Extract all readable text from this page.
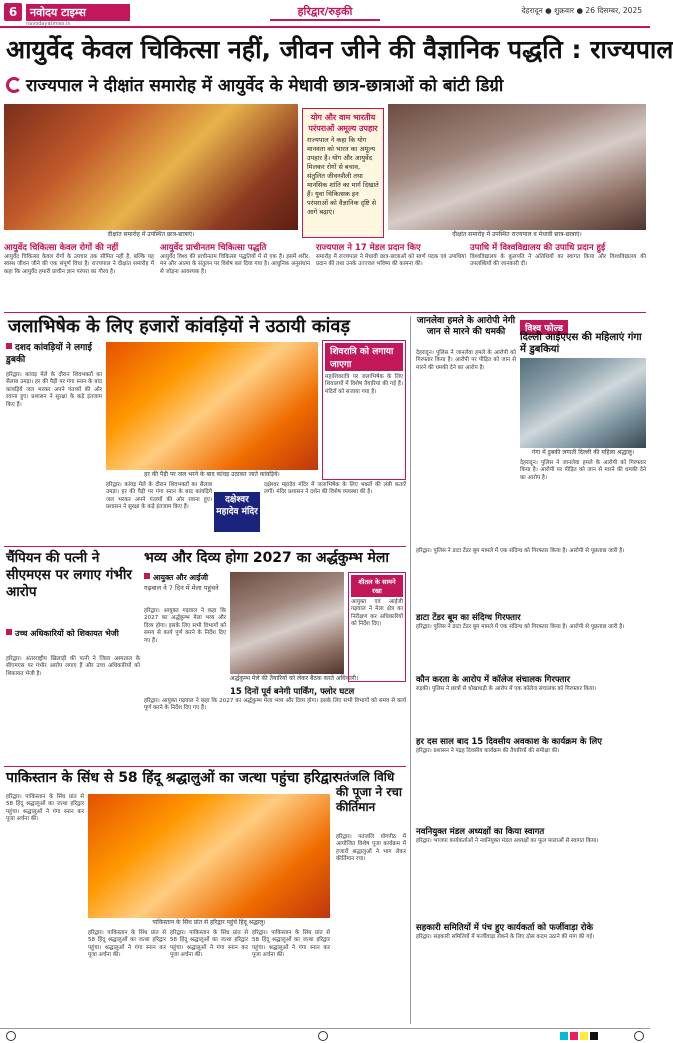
6	नवोदय टाइम्स
navodayatimes.in
हरिद्वार/रुड़की	देहरादून ● शुक्रवार ● 26 दिसम्बर, 2025
आयुर्वेद केवल चिकित्सा नहीं, जीवन जीने की वैज्ञानिक पद्धति : राज्यपाल
राज्यपाल ने दीक्षांत समारोह में आयुर्वेद के मेधावी छात्र-छात्राओं को बांटी डिग्री
दीक्षांत समारोह में उपस्थित छात्र-छात्राएं।
योग और वाम भारतीय परंपराओं अमूल्य उपहार

राज्यपाल ने कहा कि योग मानवता को भारत का अमूल्य उपहार है। योग और आयुर्वेद मिलकर रोगों से बचाव, संतुलित जीवनशैली तथा मानसिक शांति का मार्ग दिखाते हैं। युवा चिकित्सक इन परंपराओं को वैज्ञानिक दृष्टि से आगे बढ़ाएं।

दीक्षांत समारोह में उपस्थित राज्यपाल व मेधावी छात्र-छात्राएं।
आयुर्वेद चिकित्सा केवल रोगों की नहीं	आयुर्वेद प्राचीनतम चिकित्सा पद्धति	राज्यपाल ने 17 मेडल प्रदान किए	उपाधि में विश्वविद्यालय की उपाधि प्रदान हुई
आयुर्वेद चिकित्सा केवल रोगों के उपचार तक सीमित नहीं है, बल्कि यह स्वस्थ जीवन जीने की एक संपूर्ण विधा है। राज्यपाल ने दीक्षांत समारोह में कहा कि आयुर्वेद हमारी प्राचीन ज्ञान परंपरा का गौरव है।
आयुर्वेद विश्व की प्राचीनतम चिकित्सा पद्धतियों में से एक है। इसमें शरीर, मन और आत्मा के संतुलन पर विशेष बल दिया गया है। आधुनिक अनुसंधान से जोड़ना आवश्यक है।
समारोह में राज्यपाल ने मेधावी छात्र-छात्राओं को स्वर्ण पदक एवं उपाधियां प्रदान कीं तथा उनके उज्ज्वल भविष्य की कामना की।
विश्वविद्यालय के कुलपति ने अतिथियों का स्वागत किया और विश्वविद्यालय की उपलब्धियों की जानकारी दी।
जलाभिषेक के लिए हजारों कांवड़ियों ने उठायी कांवड़
दशद कांवड़ियों ने लगाई डुबकी
हरिद्वार। कांवड़ मेले के दौरान शिवभक्तों का सैलाब उमड़ा। हर की पैड़ी पर गंगा स्नान के बाद कांवड़िये जल भरकर अपने गंतव्यों की ओर रवाना हुए। प्रशासन ने सुरक्षा के कड़े इंतजाम किए हैं।
हर की पैड़ी पर जल भरने के बाद कांवड़ उठाकर जाते कांवड़िये।
शिवरात्रि को लगाया जाएगा
महाशिवरात्रि पर जलाभिषेक के लिए शिवालयों में विशेष तैयारियां की गई हैं। मंदिरों को सजाया गया है।
हरिद्वार। कांवड़ मेले के दौरान शिवभक्तों का सैलाब उमड़ा। हर की पैड़ी पर गंगा स्नान के बाद कांवड़िये जल भरकर अपने गंतव्यों की ओर रवाना हुए। प्रशासन ने सुरक्षा के कड़े इंतजाम किए हैं।
दक्षेश्वर महादेव मंदिर
दक्षेश्वर महादेव मंदिर में जलाभिषेक के लिए भक्तों की लंबी कतारें लगीं। मंदिर प्रशासन ने दर्शन की विशेष व्यवस्था की है।
जानलेवा हमले के आरोपी नेगी जान से मारने की धमकी
देहरादून। पुलिस ने जानलेवा हमले के आरोपी को गिरफ्तार किया है। आरोपी पर पीड़ित को जान से मारने की धमकी देने का आरोप है।
विश्व फोल्ड
दिल्ली आईएएस की महिलाएं गंगा में डुबकियां
गंगा में डुबकी लगाती दिल्ली की महिला श्रद्धालु।
देहरादून। पुलिस ने जानलेवा हमले के आरोपी को गिरफ्तार किया है। आरोपी पर पीड़ित को जान से मारने की धमकी देने का आरोप है।
चैंपियन की पत्नी ने सीएमएस पर लगाए गंभीर आरोप
उच्च अधिकारियों को शिकायत भेजी
हरिद्वार। अंतरराष्ट्रीय खिलाड़ी की पत्नी ने जिला अस्पताल के सीएमएस पर गंभीर आरोप लगाए हैं और उच्च अधिकारियों को शिकायत भेजी है।
भव्य और दिव्य होगा 2027 का अर्द्धकुम्भ मेला
आयुक्त और आईजी
गढ़वाल ने 7 दिन में मेला पहुंचने
हरिद्वार। आयुक्त गढ़वाल ने कहा कि 2027 का अर्द्धकुम्भ मेला भव्य और दिव्य होगा। इसके लिए सभी विभागों को समय से कार्य पूर्ण करने के निर्देश दिए गए हैं।
अर्द्धकुम्भ मेले की तैयारियों को लेकर बैठक करते अधिकारी।
शीतल के सामने रखा
आयुक्त एवं आईजी गढ़वाल ने मेला क्षेत्र का निरीक्षण कर अधिकारियों को निर्देश दिए।
15 दिनों पूर्व बनेगी पार्किंग, फ्लोर घटल
हरिद्वार। आयुक्त गढ़वाल ने कहा कि 2027 का अर्द्धकुम्भ मेला भव्य और दिव्य होगा। इसके लिए सभी विभागों को समय से कार्य पूर्ण करने के निर्देश दिए गए हैं।
पाकिस्तान के सिंध से 58 हिंदू श्रद्धालुओं का जत्था पहुंचा हरिद्वार
हरिद्वार। पाकिस्तान के सिंध प्रांत से 58 हिंदू श्रद्धालुओं का जत्था हरिद्वार पहुंचा। श्रद्धालुओं ने गंगा स्नान कर पूजा अर्चना की।
पाकिस्तान के सिंध प्रांत से हरिद्वार पहुंचे हिंदू श्रद्धालु।
हरिद्वार। पाकिस्तान के सिंध प्रांत से 58 हिंदू श्रद्धालुओं का जत्था हरिद्वार पहुंचा। श्रद्धालुओं ने गंगा स्नान कर पूजा अर्चना की।
हरिद्वार। पाकिस्तान के सिंध प्रांत से 58 हिंदू श्रद्धालुओं का जत्था हरिद्वार पहुंचा। श्रद्धालुओं ने गंगा स्नान कर पूजा अर्चना की।
हरिद्वार। पाकिस्तान के सिंध प्रांत से 58 हिंदू श्रद्धालुओं का जत्था हरिद्वार पहुंचा। श्रद्धालुओं ने गंगा स्नान कर पूजा अर्चना की।
पतंजलि विधि की पूजा ने रचा कीर्तिमान
हरिद्वार। पतंजलि योगपीठ में आयोजित विशेष पूजा कार्यक्रम में हजारों श्रद्धालुओं ने भाग लेकर कीर्तिमान रचा।
हरिद्वार। पुलिस ने डाटा टेंडर बूम मामले में एक संदिग्ध को गिरफ्तार किया है। आरोपी से पूछताछ जारी है।
डाटा टेंडर बूम का संदिग्ध गिरफ्तार
हरिद्वार। पुलिस ने डाटा टेंडर बूम मामले में एक संदिग्ध को गिरफ्तार किया है। आरोपी से पूछताछ जारी है।
कौन करता के आरोप में कॉलेज संचालक गिरफ्तार
रुड़की। पुलिस ने छात्रों से धोखाधड़ी के आरोप में एक कॉलेज संचालक को गिरफ्तार किया।
हर दस साल बाद 15 दिवसीय अवकाश के कार्यक्रम के लिए
हरिद्वार। प्रशासन ने पंद्रह दिवसीय कार्यक्रम की तैयारियों की समीक्षा की।
नवनियुक्त मंडल अध्यक्षों का किया स्वागत
हरिद्वार। भाजपा कार्यकर्ताओं ने नवनियुक्त मंडल अध्यक्षों का फूल मालाओं से स्वागत किया।
सहकारी समितियों में पंच हुए कार्यकर्ता को फर्जीवाड़ा रोके
हरिद्वार। सहकारी समितियों में फर्जीवाड़ा रोकने के लिए ठोस कदम उठाने की मांग की गई।
